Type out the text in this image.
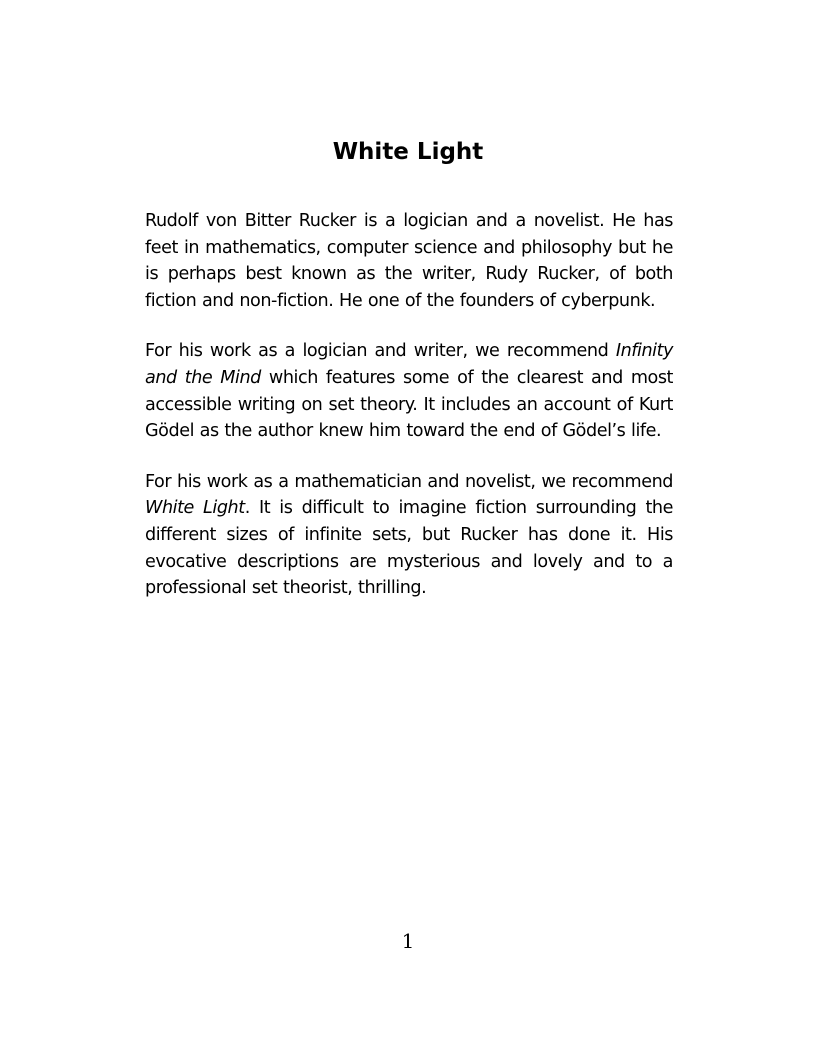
White Light

Rudolf von Bitter Rucker is a logician and a novelist. He has feet in mathematics, computer science and philosophy but he is perhaps best known as the writer, Rudy Rucker, of both fiction and non-fiction. He one of the founders of cyberpunk.

For his work as a logician and writer, we recommend Infinity and the Mind which features some of the clearest and most accessible writing on set theory. It includes an account of Kurt Gödel as the author knew him toward the end of Gödel’s life.

For his work as a mathematician and novelist, we recommend White Light. It is difficult to imagine fiction surrounding the different sizes of infinite sets, but Rucker has done it. His evocative descriptions are mysterious and lovely and to a professional set theorist, thrilling.

1
